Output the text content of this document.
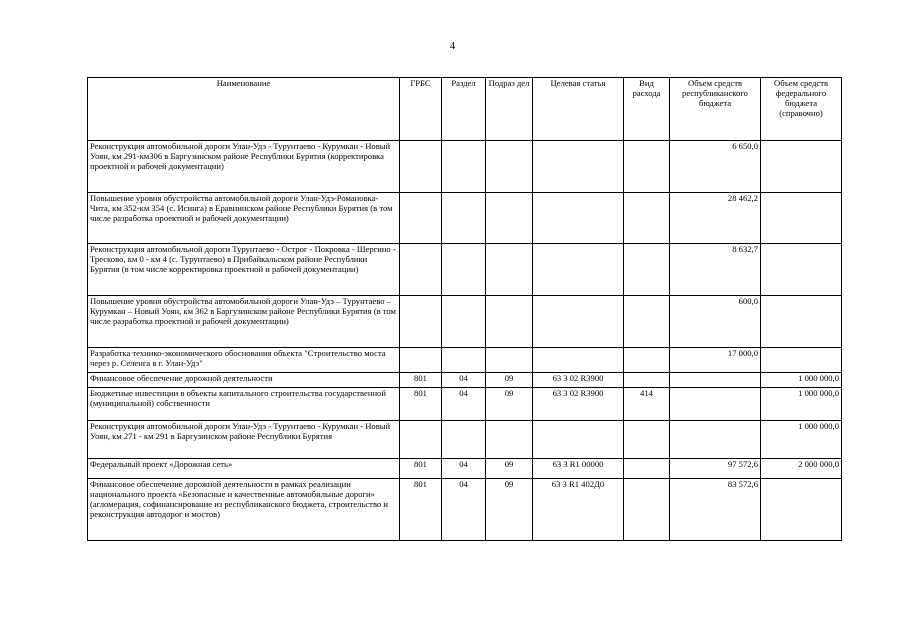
4
Наименование	ГРБС	Раздел	Подраз дел	Целевая статья	Вид расхода	Объем средств республиканского бюджета	Объем средств федерального бюджета (справочно)
Реконструкция автомобильной дороги Улан-Удэ - Турунтаево - Курумкан - Новый Уоян, км 291-км306 в Баргузинском районе Республики Бурятия (корректировка проектной и рабочей документации)						6 650,0	
Повышение уровня обустройства автомобильной дороги Улан-Удэ-Романовка-Чита, км 352-км 354 (с. Исинга) в Еравнинском районе Республики Бурятия (в том числе разработка проектной и рабочей документации)						28 462,2	
Реконструкция автомобильной дороги Турунтаево - Острог - Покровка - Шергино - Тресково, км 0 - км 4 (с. Турунтаево) в Прибайкальском районе Республики Бурятия (в том числе корректировка проектной и рабочей документации)						8 632,7	
Повышение уровня обустройства автомобильной дороги Улан-Удэ – Турунтаево – Курумкан – Новый Уоян, км 362 в Баргузинском районе Республики Бурятия (в том числе разработка проектной и рабочей документации)						600,0	
Разработка технико-экономического обоснования объекта "Строительство моста через р. Селенга в г. Улан-Удэ"						17 000,0	
Финансовое обеспечение дорожной деятельности	801	04	09	63 3 02 R3900			1 000 000,0
Бюджетные инвестиции в объекты капитального строительства государственной (муниципальной) собственности	801	04	09	63 3 02 R3900	414		1 000 000,0
Реконструкция автомобильной дороги Улан-Удэ - Турунтаево - Курумкан - Новый Уоян, км 271 - км 291 в Баргузинском районе Республики Бурятия							1 000 000,0
Федеральный проект «Дорожная сеть»	801	04	09	63 3 R1 00000		97 572,6	2 000 000,0
Финансовое обеспечение дорожной деятельности в рамках реализации национального проекта «Безопасные и качественные автомобильные дороги» (агломерация, софинансирование из республиканского бюджета, строительство и реконструкция автодорог и мостов)	801	04	09	63 3 R1 402Д0		83 572,6	
